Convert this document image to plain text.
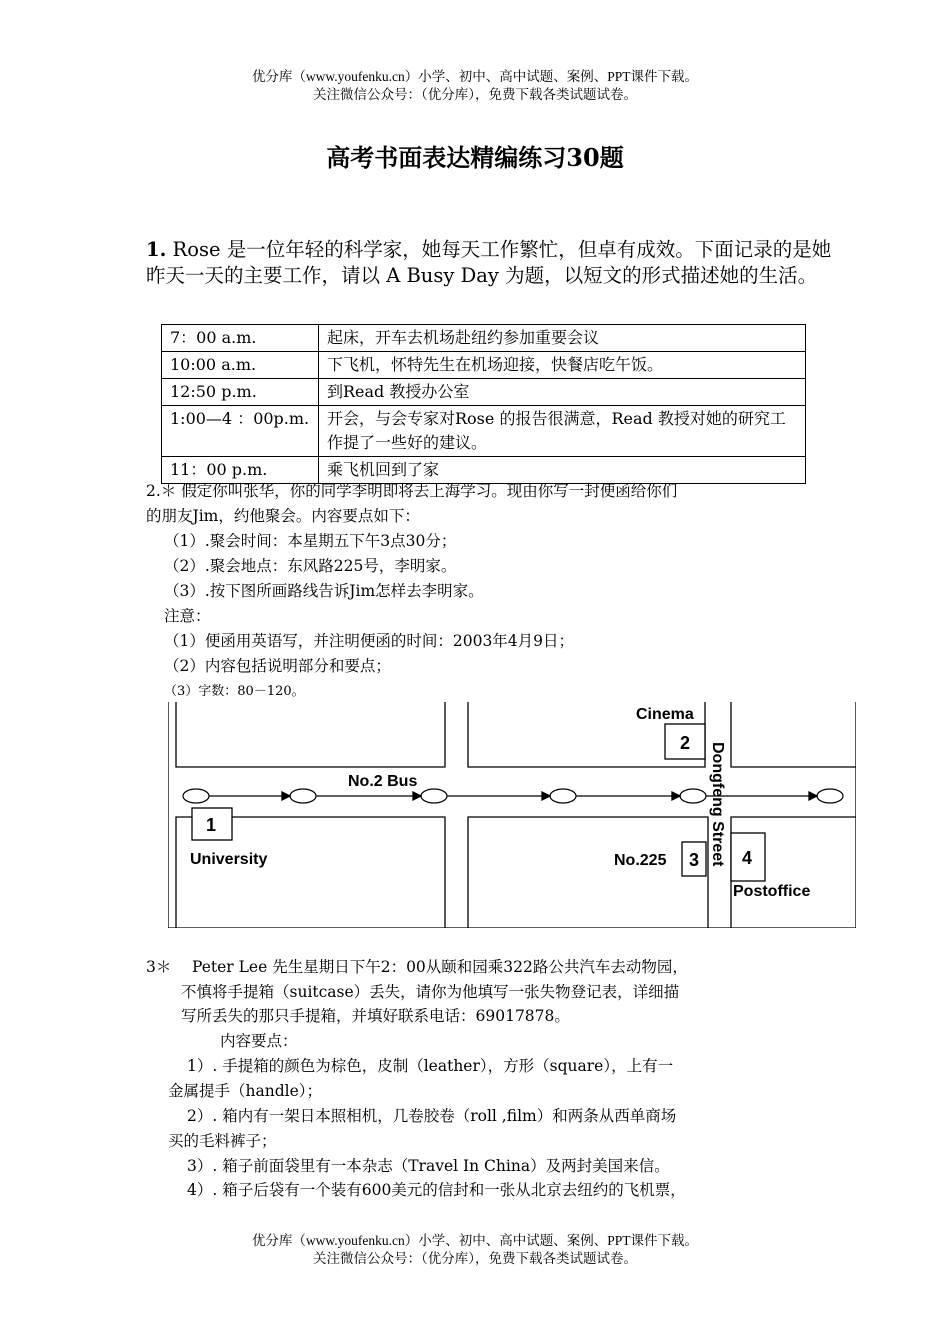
优分库（www.youfenku.cn）小学、初中、高中试题、案例、PPT课件下载。
关注微信公众号：（优分库），免费下载各类试题试卷。
高考书面表达精编练习30题
1. Rose 是一位年轻的科学家，她每天工作繁忙，但卓有成效。下面记录的是她昨天一天的主要工作，请以 A Busy Day 为题，以短文的形式描述她的生活。
7：00 a.m.	起床，开车去机场赴纽约参加重要会议
10:00 a.m.	下飞机，怀特先生在机场迎接，快餐店吃午饭。
12:50 p.m.	到Read 教授办公室
1:00—4 ：00p.m.	开会，与会专家对Rose 的报告很满意，Read 教授对她的研究工作提了一些好的建议。
11：00 p.m.	乘飞机回到了家
2.＊ 假定你叫张华，你的同学李明即将去上海学习。现由你写一封便函给你们
的朋友Jim，约他聚会。内容要点如下：
（1）.聚会时间：本星期五下午3点30分；
（2）.聚会地点：东风路225号，李明家。
（3）.按下图所画路线告诉Jim怎样去李明家。
注意：
（1）便函用英语写，并注明便函的时间：2003年4月9日；
（2）内容包括说明部分和要点；
（3）字数：80－120。
No.2 Bus
Cinema
University	No.225
Postoffice
1
2
3 4
Dongfeng Street
3＊ Peter Lee 先生星期日下午2：00从颐和园乘322路公共汽车去动物园，
不慎将手提箱（suitcase）丢失，请你为他填写一张失物登记表，详细描
写所丢失的那只手提箱，并填好联系电话：69017878。
内容要点：
1）. 手提箱的颜色为棕色，皮制（leather），方形（square），上有一
金属提手（handle）；
2）. 箱内有一架日本照相机，几卷胶卷（roll ,film）和两条从西单商场
买的毛料裤子；
3）. 箱子前面袋里有一本杂志（Travel In China）及两封美国来信。
4）. 箱子后袋有一个装有600美元的信封和一张从北京去纽约的飞机票，
优分库（www.youfenku.cn）小学、初中、高中试题、案例、PPT课件下载。
关注微信公众号：（优分库），免费下载各类试题试卷。
